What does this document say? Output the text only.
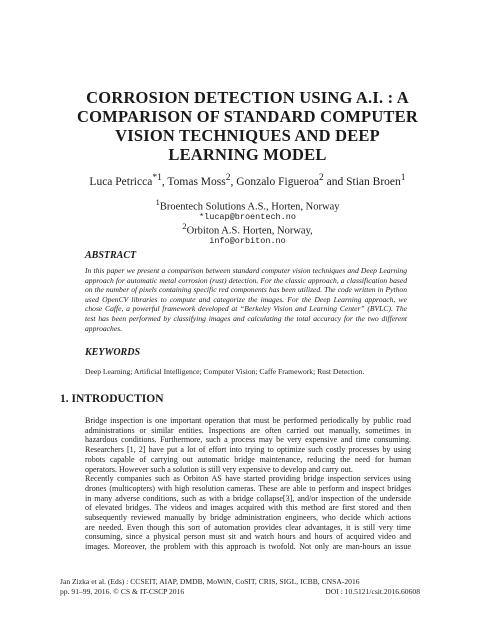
CORROSION DETECTION USING A.I. : A
COMPARISON OF STANDARD COMPUTER
VISION TECHNIQUES AND DEEP
LEARNING MODEL
Luca Petricca$^{*1}$, Tomas Moss$^2$, Gonzalo Figueroa$^2$ and Stian Broen$^1$
$^1$Broentech Solutions A.S., Horten, Norway
*lucap@broentech.no
$^2$Orbiton A.S. Horten, Norway,
info@orbiton.no
ABSTRACT
In this paper we present a comparison between standard computer vision techniques and Deep Learning approach for automatic metal corrosion (rust) detection. For the classic approach, a classification based on the number of pixels containing specific red components has been utilized. The code written in Python used OpenCV libraries to compute and categorize the images. For the Deep Learning approach, we chose Caffe, a powerful framework developed at “Berkeley Vision and Learning Center” (BVLC). The test has been performed by classifying images and calculating the total accuracy for the two different approaches.
KEYWORDS
Deep Learning; Artificial Intelligence; Computer Vision; Caffe Framework; Rust Detection.
1. INTRODUCTION
Bridge inspection is one important operation that must be performed periodically by public road
administrations or similar entities. Inspections are often carried out manually, sometimes in
hazardous conditions. Furthermore, such a process may be very expensive and time consuming.
Researchers [1, 2] have put a lot of effort into trying to optimize such costly processes by using
robots capable of carrying out automatic bridge maintenance, reducing the need for human
operators. However such a solution is still very expensive to develop and carry out.
Recently companies such as Orbiton AS have started providing bridge inspection services using
drones (multicopters) with high resolution cameras. These are able to perform and inspect bridges
in many adverse conditions, such as with a bridge collapse[3], and/or inspection of the underside
of elevated bridges. The videos and images acquired with this method are first stored and then
subsequently reviewed manually by bridge administration engineers, who decide which actions
are needed. Even though this sort of automation provides clear advantages, it is still very time
consuming, since a physical person must sit and watch hours and hours of acquired video and
images. Moreover, the problem with this approach is twofold. Not only are man-hours an issue
Jan Zizka et al. (Eds) : CCSEIT, AIAP, DMDB, MoWiN, CoSIT, CRIS, SIGL, ICBB, CNSA-2016
pp. 91–99, 2016. © CS & IT-CSCP 2016	DOI : 10.5121/csit.2016.60608
